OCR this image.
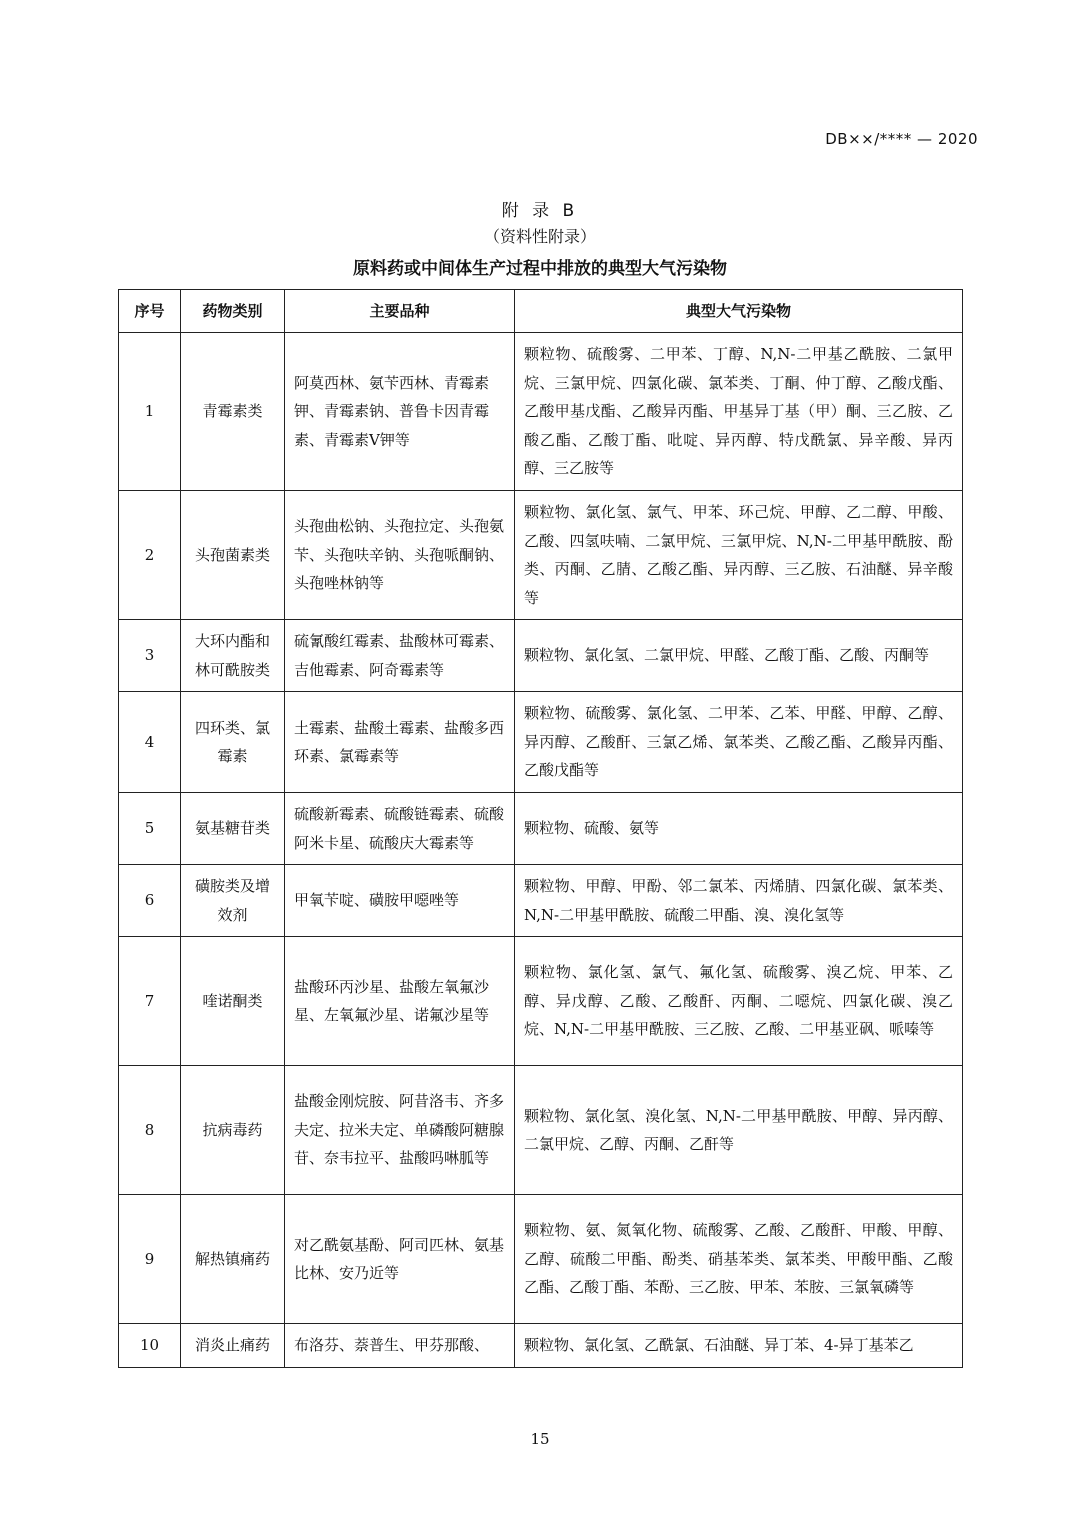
DB××/**** — 2020
附 录 B
（资料性附录）
原料药或中间体生产过程中排放的典型大气污染物
序号	药物类别	主要品种	典型大气污染物
1	青霉素类	阿莫西林、氨苄西林、青霉素钾、青霉素钠、普鲁卡因青霉素、青霉素Ⅴ钾等	颗粒物、硫酸雾、二甲苯、丁醇、N,N-二甲基乙酰胺、二氯甲烷、三氯甲烷、四氯化碳、氯苯类、丁酮、仲丁醇、乙酸戊酯、乙酸甲基戊酯、乙酸异丙酯、甲基异丁基（甲）酮、三乙胺、乙酸乙酯、乙酸丁酯、吡啶、异丙醇、特戊酰氯、异辛酸、异丙醇、三乙胺等
2	头孢菌素类	头孢曲松钠、头孢拉定、头孢氨苄、头孢呋辛钠、头孢哌酮钠、头孢唑林钠等	颗粒物、氯化氢、氯气、甲苯、环己烷、甲醇、乙二醇、甲酸、乙酸、四氢呋喃、二氯甲烷、三氯甲烷、N,N-二甲基甲酰胺、酚类、丙酮、乙腈、乙酸乙酯、异丙醇、三乙胺、石油醚、异辛酸等
3	大环内酯和林可酰胺类	硫氰酸红霉素、盐酸林可霉素、吉他霉素、阿奇霉素等	颗粒物、氯化氢、二氯甲烷、甲醛、乙酸丁酯、乙酸、丙酮等
4	四环类、氯霉素	土霉素、盐酸土霉素、盐酸多西环素、氯霉素等	颗粒物、硫酸雾、氯化氢、二甲苯、乙苯、甲醛、甲醇、乙醇、异丙醇、乙酸酐、三氯乙烯、氯苯类、乙酸乙酯、乙酸异丙酯、乙酸戊酯等
5	氨基糖苷类	硫酸新霉素、硫酸链霉素、硫酸阿米卡星、硫酸庆大霉素等	颗粒物、硫酸、氨等
6	磺胺类及增效剂	甲氧苄啶、磺胺甲噁唑等	颗粒物、甲醇、甲酚、邻二氯苯、丙烯腈、四氯化碳、氯苯类、N,N-二甲基甲酰胺、硫酸二甲酯、溴、溴化氢等
7	喹诺酮类	盐酸环丙沙星、盐酸左氧氟沙星、左氧氟沙星、诺氟沙星等	颗粒物、氯化氢、氯气、氟化氢、硫酸雾、溴乙烷、甲苯、乙醇、异戊醇、乙酸、乙酸酐、丙酮、二噁烷、四氯化碳、溴乙烷、N,N-二甲基甲酰胺、三乙胺、乙酸、二甲基亚砜、哌嗪等
8	抗病毒药	盐酸金刚烷胺、阿昔洛韦、齐多夫定、拉米夫定、单磷酸阿糖腺苷、奈韦拉平、盐酸吗啉胍等	颗粒物、氯化氢、溴化氢、N,N-二甲基甲酰胺、甲醇、异丙醇、二氯甲烷、乙醇、丙酮、乙酐等
9	解热镇痛药	对乙酰氨基酚、阿司匹林、氨基比林、安乃近等	颗粒物、氨、氮氧化物、硫酸雾、乙酸、乙酸酐、甲酸、甲醇、乙醇、硫酸二甲酯、酚类、硝基苯类、氯苯类、甲酸甲酯、乙酸乙酯、乙酸丁酯、苯酚、三乙胺、甲苯、苯胺、三氯氧磷等
10	消炎止痛药	布洛芬、萘普生、甲芬那酸、	颗粒物、氯化氢、乙酰氯、石油醚、异丁苯、4-异丁基苯乙
15
